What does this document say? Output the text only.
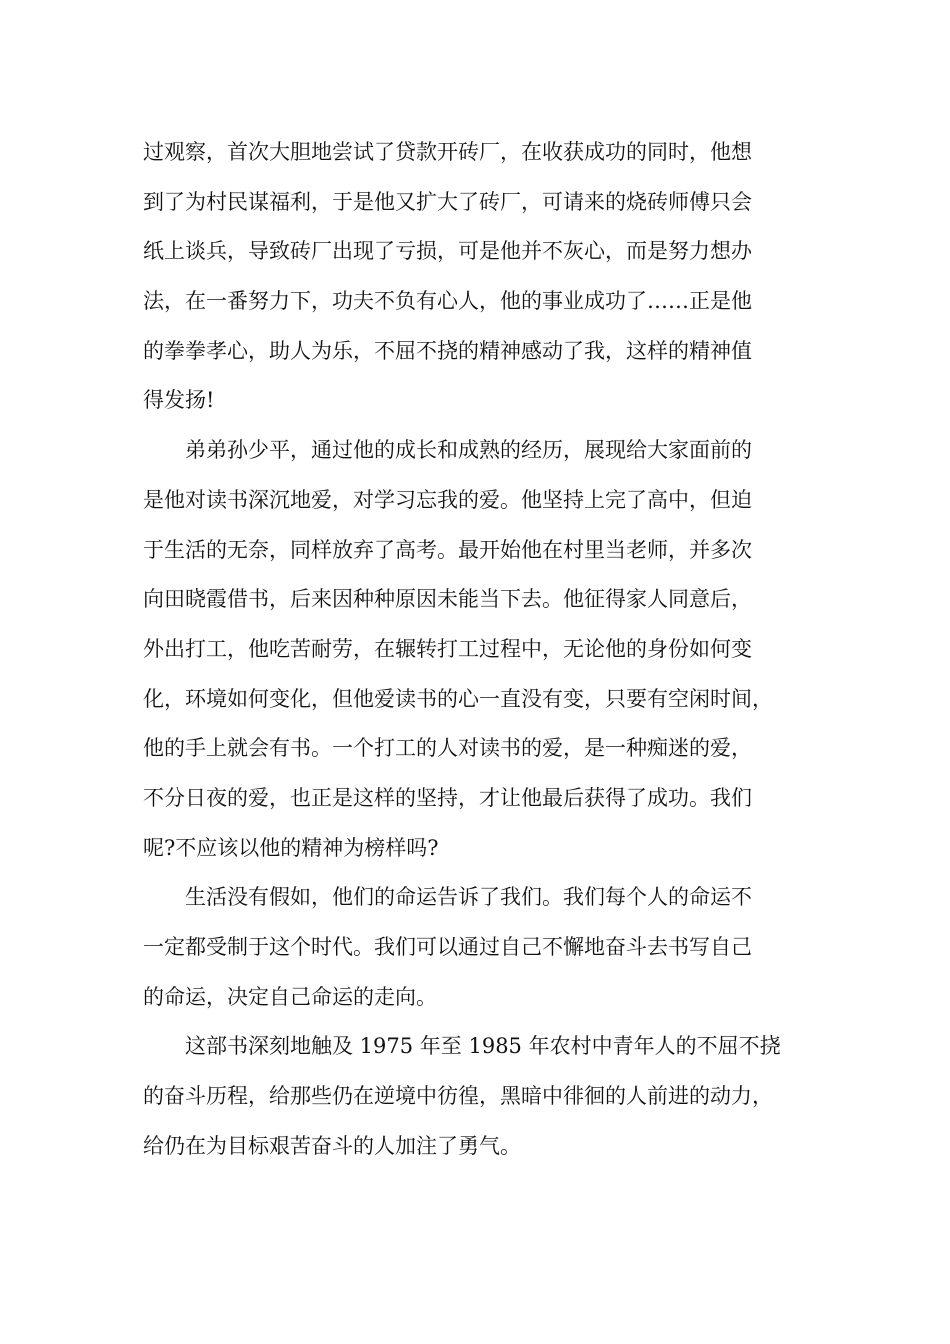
过观察，首次大胆地尝试了贷款开砖厂，在收获成功的同时，他想
到了为村民谋福利，于是他又扩大了砖厂，可请来的烧砖师傅只会
纸上谈兵，导致砖厂出现了亏损，可是他并不灰心，而是努力想办
法，在一番努力下，功夫不负有心人，他的事业成功了……正是他
的拳拳孝心，助人为乐，不屈不挠的精神感动了我，这样的精神值
得发扬!
弟弟孙少平，通过他的成长和成熟的经历，展现给大家面前的
是他对读书深沉地爱，对学习忘我的爱。他坚持上完了高中，但迫
于生活的无奈，同样放弃了高考。最开始他在村里当老师，并多次
向田晓霞借书，后来因种种原因未能当下去。他征得家人同意后，
外出打工，他吃苦耐劳，在辗转打工过程中，无论他的身份如何变
化，环境如何变化，但他爱读书的心一直没有变，只要有空闲时间，
他的手上就会有书。一个打工的人对读书的爱，是一种痴迷的爱，
不分日夜的爱，也正是这样的坚持，才让他最后获得了成功。我们
呢?不应该以他的精神为榜样吗?
生活没有假如，他们的命运告诉了我们。我们每个人的命运不
一定都受制于这个时代。我们可以通过自己不懈地奋斗去书写自己
的命运，决定自己命运的走向。
这部书深刻地触及 1975 年至 1985 年农村中青年人的不屈不挠
的奋斗历程，给那些仍在逆境中彷徨，黑暗中徘徊的人前进的动力，
给仍在为目标艰苦奋斗的人加注了勇气。
